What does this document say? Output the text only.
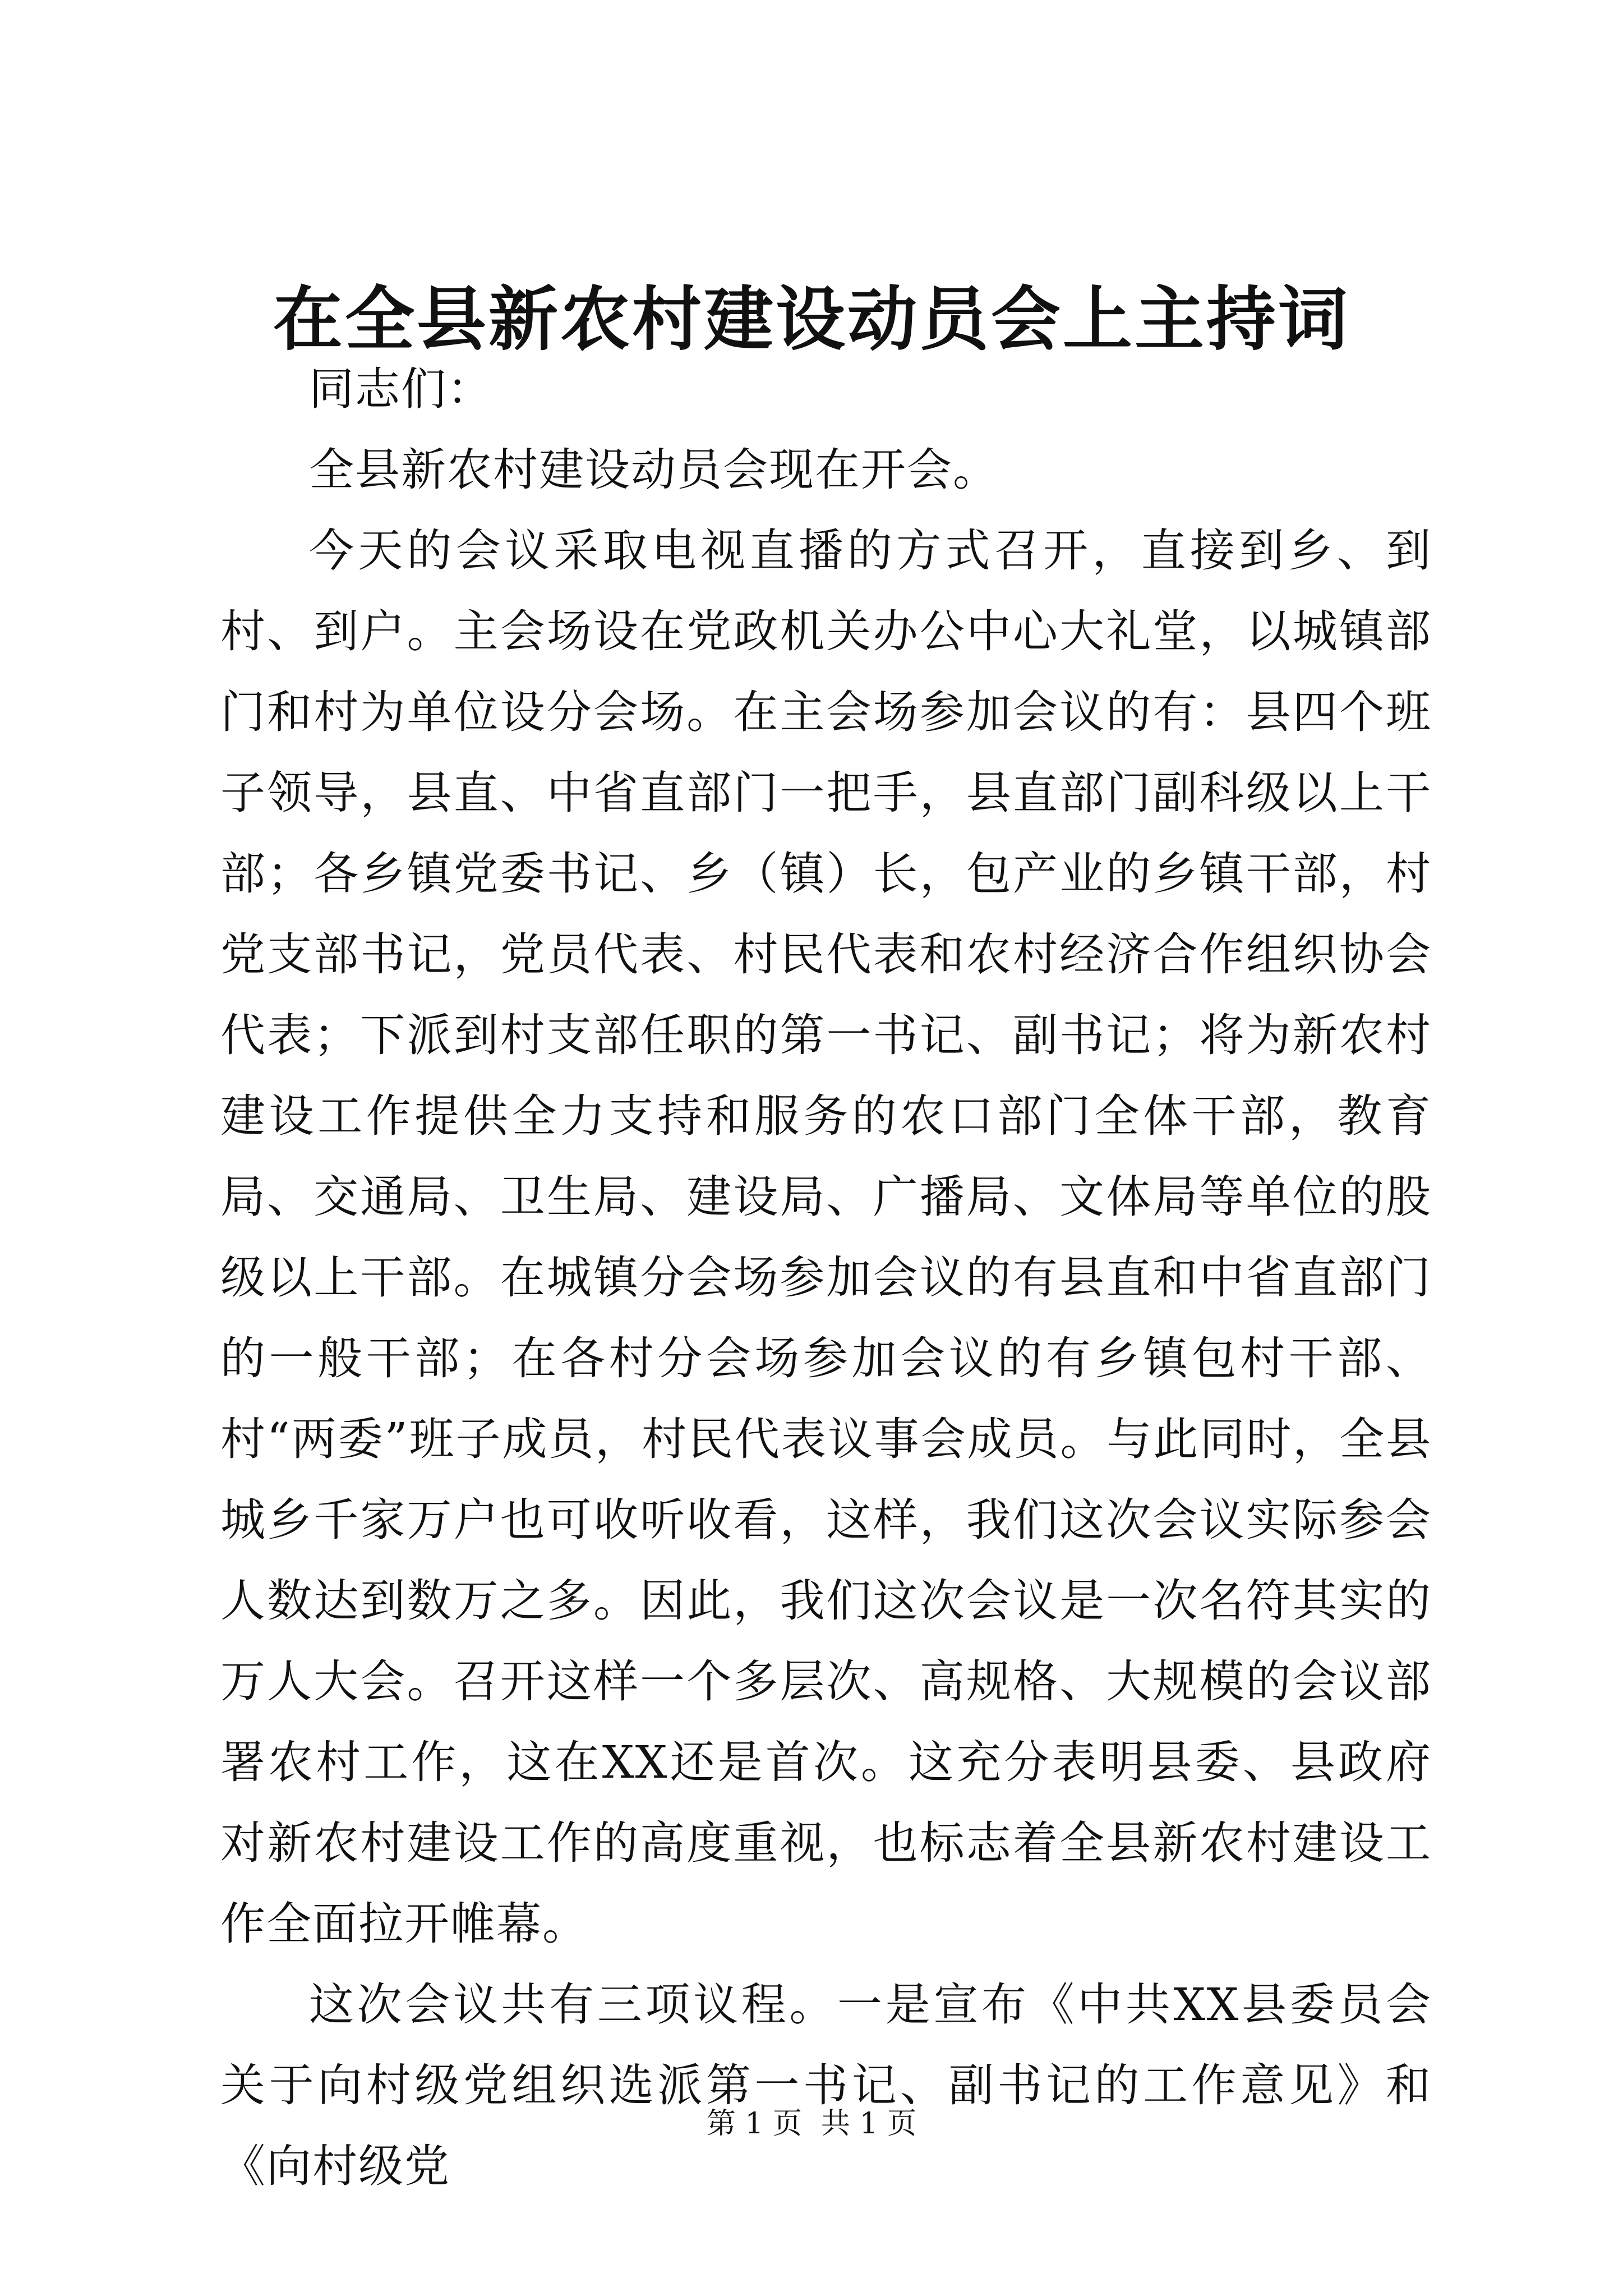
在全县新农村建设动员会上主持词

同志们：

全县新农村建设动员会现在开会。

今天的会议采取电视直播的方式召开，直接到乡、到村、到户。主会场设在党政机关办公中心大礼堂，以城镇部门和村为单位设分会场。在主会场参加会议的有：县四个班子领导，县直、中省直部门一把手，县直部门副科级以上干部；各乡镇党委书记、乡（镇）长，包产业的乡镇干部，村党支部书记，党员代表、村民代表和农村经济合作组织协会代表；下派到村支部任职的第一书记、副书记；将为新农村建设工作提供全力支持和服务的农口部门全体干部，教育局、交通局、卫生局、建设局、广播局、文体局等单位的股级以上干部。在城镇分会场参加会议的有县直和中省直部门的一般干部；在各村分会场参加会议的有乡镇包村干部、村“两委”班子成员，村民代表议事会成员。与此同时，全县城乡千家万户也可收听收看，这样，我们这次会议实际参会人数达到数万之多。因此，我们这次会议是一次名符其实的万人大会。召开这样一个多层次、高规格、大规模的会议部署农村工作，这在XX还是首次。这充分表明县委、县政府对新农村建设工作的高度重视，也标志着全县新农村建设工作全面拉开帷幕。

这次会议共有三项议程。一是宣布《中共XX县委员会关于向村级党组织选派第一书记、副书记的工作意见》和《向村级党

第 1 页 共 1 页
